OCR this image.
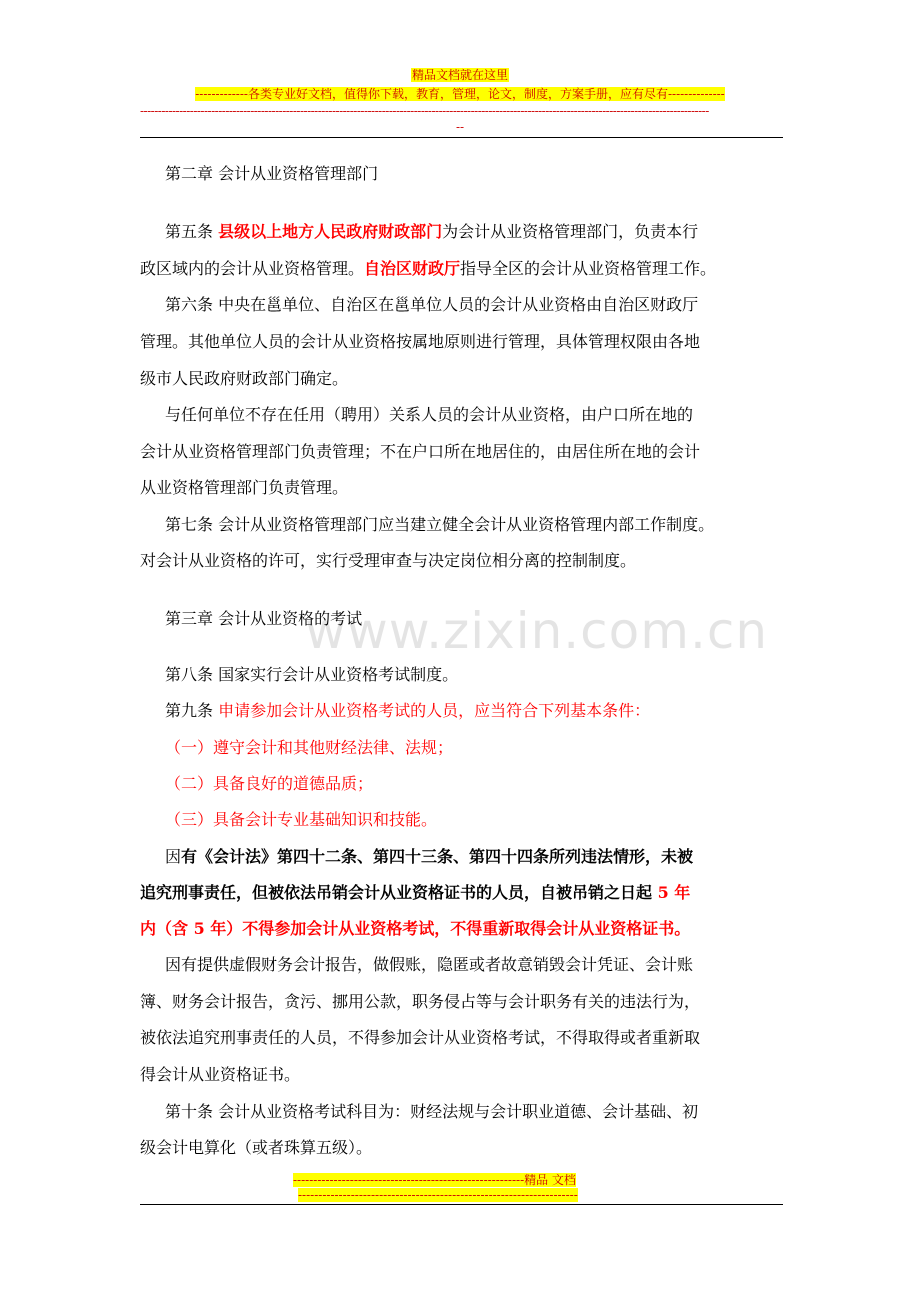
精品文档就在这里
-------------各类专业好文档，值得你下载，教育，管理，论文，制度，方案手册，应有尽有--------------
----------------------------------------------------------------------------------------------------------------------------------------------------------------
--
第二章 会计从业资格管理部门
第五条 县级以上地方人民政府财政部门为会计从业资格管理部门，负责本行
政区域内的会计从业资格管理。自治区财政厅指导全区的会计从业资格管理工作。
第六条 中央在邕单位、自治区在邕单位人员的会计从业资格由自治区财政厅
管理。其他单位人员的会计从业资格按属地原则进行管理，具体管理权限由各地
级市人民政府财政部门确定。
与任何单位不存在任用（聘用）关系人员的会计从业资格，由户口所在地的
会计从业资格管理部门负责管理；不在户口所在地居住的，由居住所在地的会计
从业资格管理部门负责管理。
第七条 会计从业资格管理部门应当建立健全会计从业资格管理内部工作制度。
对会计从业资格的许可，实行受理审查与决定岗位相分离的控制制度。
第三章 会计从业资格的考试
www.zixin.com.cn
第八条 国家实行会计从业资格考试制度。
第九条 申请参加会计从业资格考试的人员，应当符合下列基本条件：
（一）遵守会计和其他财经法律、法规；
（二）具备良好的道德品质；
（三）具备会计专业基础知识和技能。
因有《会计法》第四十二条、第四十三条、第四十四条所列违法情形，未被
追究刑事责任，但被依法吊销会计从业资格证书的人员，自被吊销之日起 5 年
内（含 5 年）不得参加会计从业资格考试，不得重新取得会计从业资格证书。
因有提供虚假财务会计报告，做假账，隐匿或者故意销毁会计凭证、会计账
簿、财务会计报告，贪污、挪用公款，职务侵占等与会计职务有关的违法行为，
被依法追究刑事责任的人员，不得参加会计从业资格考试，不得取得或者重新取
得会计从业资格证书。
第十条 会计从业资格考试科目为：财经法规与会计职业道德、会计基础、初
级会计电算化（或者珠算五级）。
---------------------------------------------------------精品 文档
---------------------------------------------------------------------
